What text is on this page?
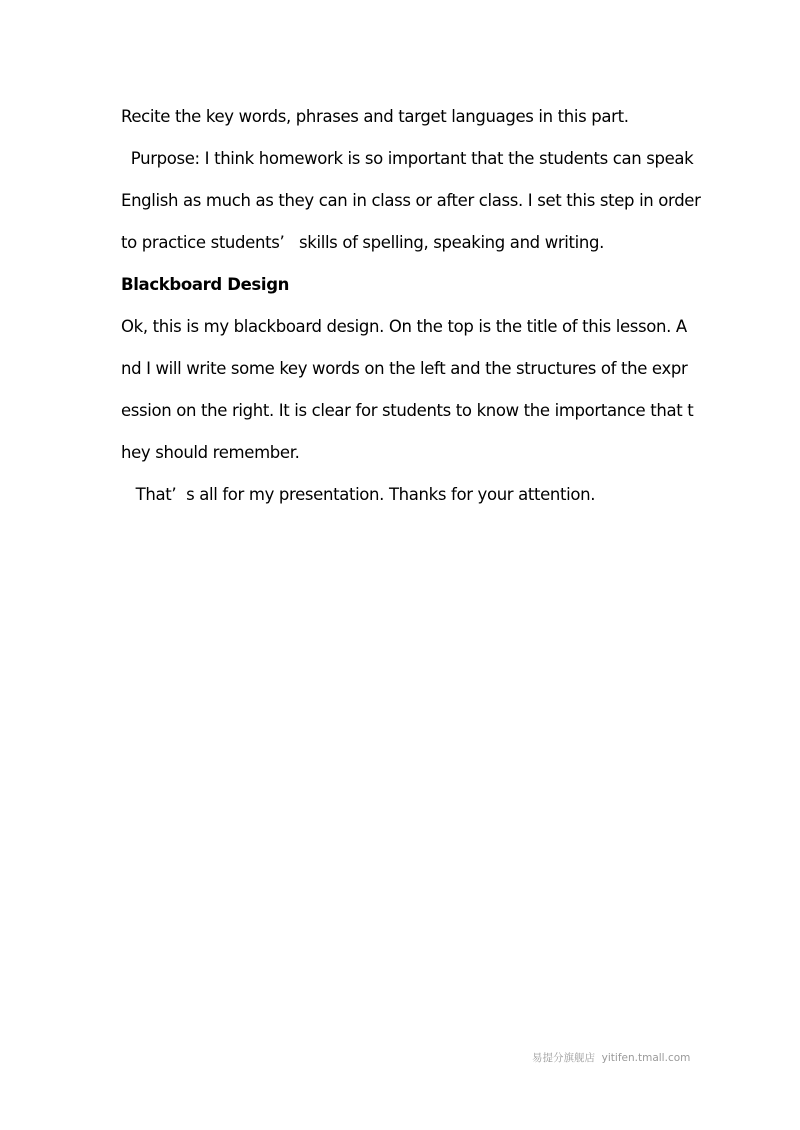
Recite the key words, phrases and target languages in this part.
Purpose: I think homework is so important that the students can speak
English as much as they can in class or after class. I set this step in order
to practice students’   skills of spelling, speaking and writing.
Blackboard Design
Ok, this is my blackboard design. On the top is the title of this lesson. A
nd I will write some key words on the left and the structures of the expr
ession on the right. It is clear for students to know the importance that t
hey should remember.
That’  s all for my presentation. Thanks for your attention.
易提分旗舰店  yitifen.tmall.com
